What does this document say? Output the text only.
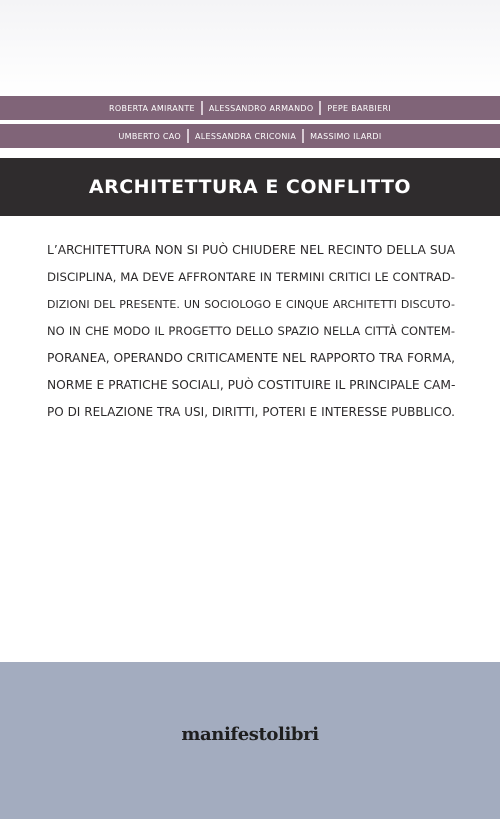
ROBERTA AMIRANTE ALESSANDRO ARMANDO PEPE BARBIERI
UMBERTO CAO ALESSANDRA CRICONIA MASSIMO ILARDI
ARCHITETTURA E CONFLITTO
L’ARCHITETTURA NON SI PUÒ CHIUDERE NEL RECINTO DELLA SUA
DISCIPLINA, MA DEVE AFFRONTARE IN TERMINI CRITICI LE CONTRAD-
DIZIONI DEL PRESENTE. UN SOCIOLOGO E CINQUE ARCHITETTI DISCUTO-
NO IN CHE MODO IL PROGETTO DELLO SPAZIO NELLA CITTÀ CONTEM-
PORANEA, OPERANDO CRITICAMENTE NEL RAPPORTO TRA FORMA,
NORME E PRATICHE SOCIALI, PUÒ COSTITUIRE IL PRINCIPALE CAM-
PO DI RELAZIONE TRA USI, DIRITTI, POTERI E INTERESSE PUBBLICO.
manifestolibri
